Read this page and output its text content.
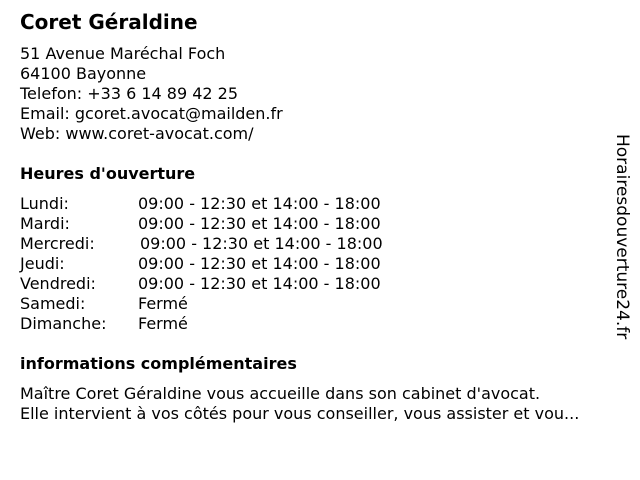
Coret Géraldine
51 Avenue Maréchal Foch
64100 Bayonne
Telefon: +33 6 14 89 42 25
Email: gcoret.avocat@mailden.fr
Web: www.coret-avocat.com/
Heures d'ouverture
Lundi:	09:00 - 12:30 et 14:00 - 18:00
Mardi:	09:00 - 12:30 et 14:00 - 18:00
Mercredi:	09:00 - 12:30 et 14:00 - 18:00
Jeudi:	09:00 - 12:30 et 14:00 - 18:00
Vendredi:	09:00 - 12:30 et 14:00 - 18:00
Samedi:	Fermé
Dimanche: Fermé
informations complémentaires
Maître Coret Géraldine vous accueille dans son cabinet d'avocat.
Elle intervient à vos côtés pour vous conseiller, vous assister et vou...
Horairesdouverture24.fr
